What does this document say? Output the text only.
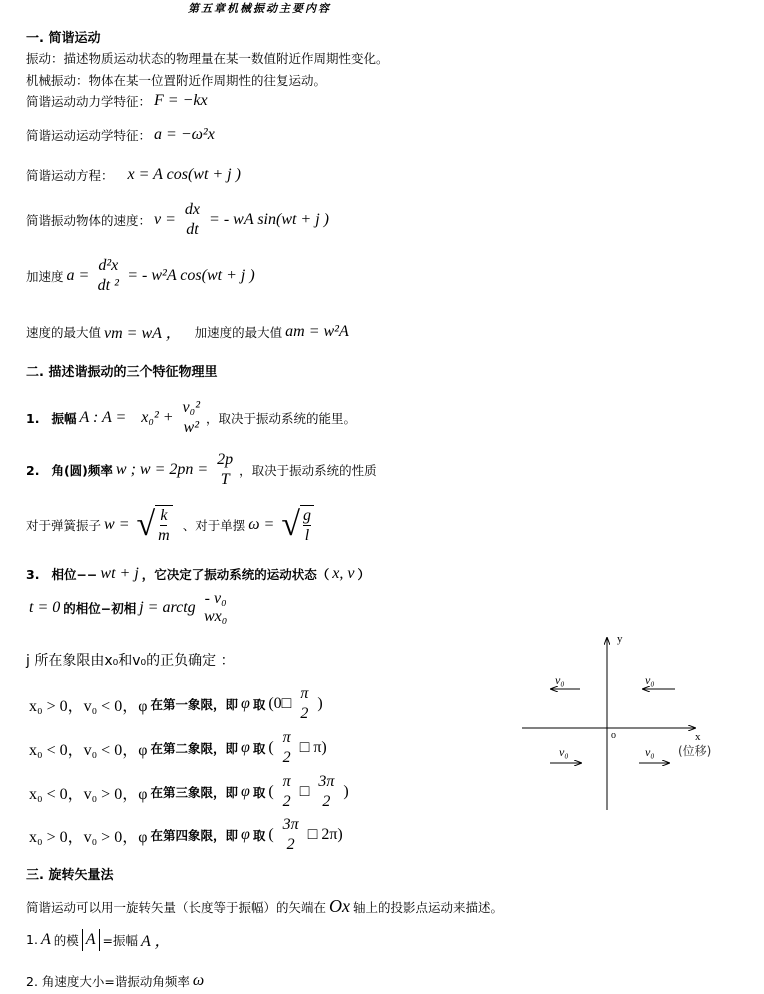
第五章机械振动主要内容
一. 简谐运动
振动：描述物质运动状态的物理量在某一数值附近作周期性变化。
机械振动：物体在某一位置附近作周期性的往复运动。
简谐运动动力学特征： F = −kx
简谐运动运动学特征： a = −ω²x
简谐运动方程： x = A cos(wt + j )
简谐振动物体的速度： v =
dx
dt
= - wA sin(wt + j )
加速度 a =
d²x
dt ²
= - w²A cos(wt + j )
速度的最大值 vm = wA ， 加速度的最大值 am = w²A
二. 描述谐振动的三个特征物理里
1. 振幅 A : A = x₀² +
v₀²
w²
，取决于振动系统的能里。
2. 角(圆)频率 w ; w = 2pn =
2p
T
，取决于振动系统的性质
对于弹簧振子 w = √ $\frac{k}{m}$ 、对于单摆 ω = √ $\frac{g}{l}$
3. 相位−− wt + j ，它决定了振动系统的运动状态（ x, v ）
t = 0 的相位−初相 j = arctg
- v₀
wx₀
j 所在象限由x₀和v₀的正负确定 ：
x₀ > 0，v₀ < 0，φ 在第一象限，即 φ 取 (0□
π
2
)
x₀ < 0，v₀ < 0，φ 在第二象限，即 φ 取 (
π
2
□ π)
x₀ < 0，v₀ > 0，φ 在第三象限，即 φ 取 (
π
2
□
3π
2
)
x₀ > 0，v₀ > 0，φ 在第四象限，即 φ 取 (
3π
2
□ 2π)
y
o	x
(位移)
v₀	v₀
v₀	v₀
三. 旋转矢量法
简谐运动可以用一旋转矢量（长度等于振幅）的矢端在 Ox 轴上的投影点运动来描述。
1. A 的模 A =振幅 A ，
2. 角速度大小=谐振动角频率 ω
